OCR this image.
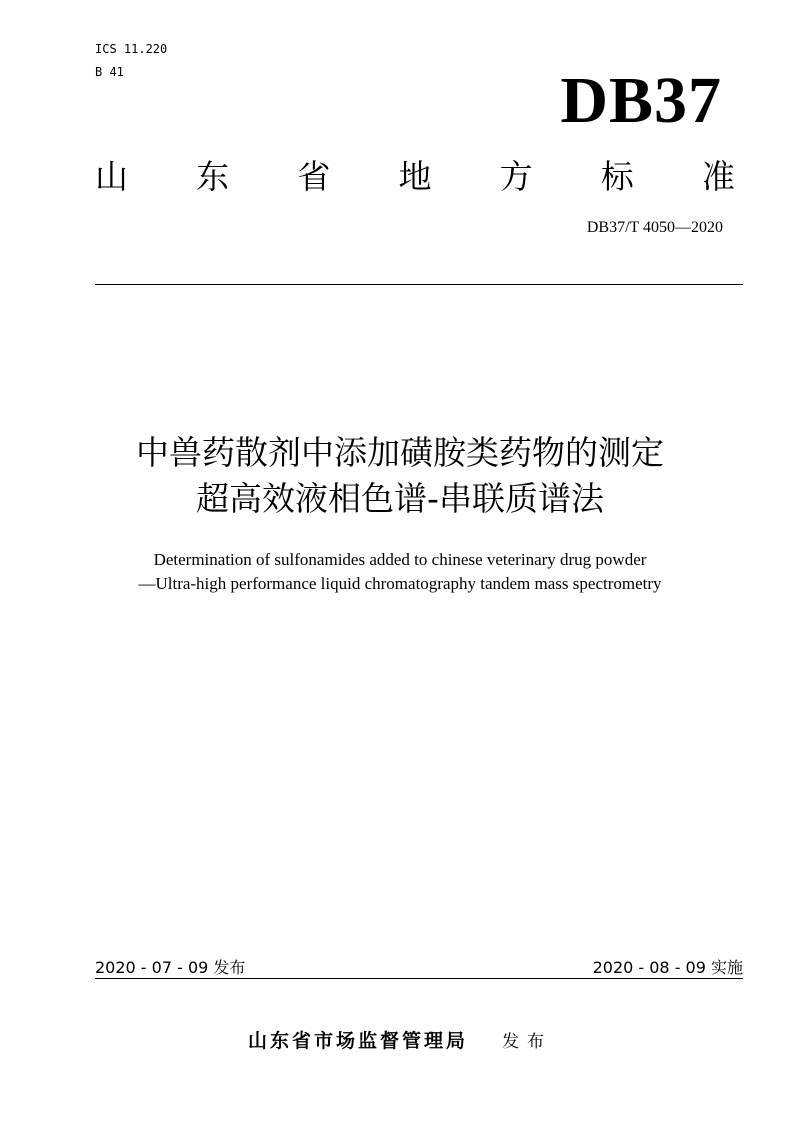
ICS 11.220
B 41	DB37
山 东 省 地 方 标 准
DB37/T 4050—2020
中兽药散剂中添加磺胺类药物的测定
超高效液相色谱-串联质谱法
Determination of sulfonamides added to chinese veterinary drug powder
—Ultra-high performance liquid chromatography tandem mass spectrometry
2020 - 07 - 09 发布	2020 - 08 - 09 实施
山东省市场监督管理局 发布
